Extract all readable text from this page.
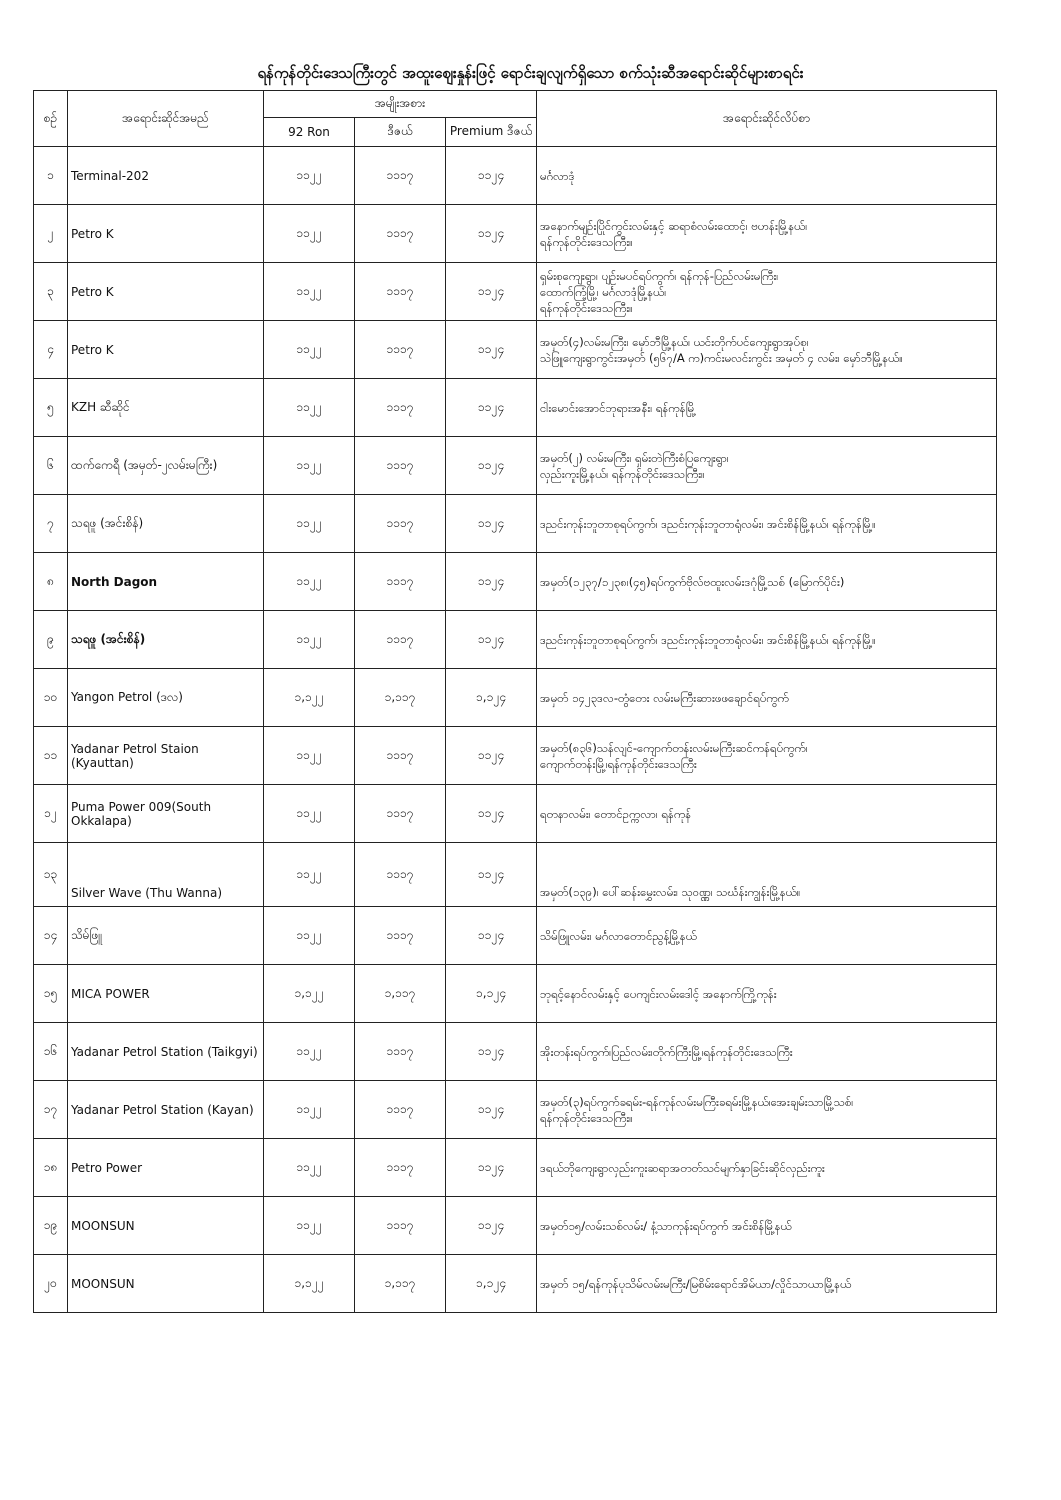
ရန်ကုန်တိုင်းဒေသကြီးတွင် အထူးဈေးနှုန်းဖြင့် ရောင်းချလျက်ရှိသော စက်သုံးဆီအရောင်းဆိုင်များစာရင်း
စဉ်	အရောင်းဆိုင်အမည်	အမျိုးအစား			အရောင်းဆိုင်လိပ်စာ
		92 Ron	ဒီဇယ်	Premium ဒီဇယ်	
၁	Terminal-202	၁၁၂၂	၁၁၁၇	၁၁၂၄	မင်္ဂလာဒုံ
၂	Petro K	၁၁၂၂	၁၁၁၇	၁၁၂၄	အနောက်မျဉ်းပြိုင်ကွင်းလမ်းနှင့် ဆရာစံလမ်းထောင့်၊ ဗဟန်းမြို့နယ်၊
ရန်ကုန်တိုင်းဒေသကြီး။
၃	Petro K	၁၁၂၂	၁၁၁၇	၁၁၂၄	ရှမ်းစုကျေးရွာ၊ ပျဉ်းမပင်ရပ်ကွက်၊ ရန်ကုန်-ပြည်လမ်းမကြီး၊
ထောက်ကြံ့မြို့၊ မင်္ဂလာဒုံမြို့နယ်၊
ရန်ကုန်တိုင်းဒေသကြီး။
၄	Petro K	၁၁၂၂	၁၁၁၇	၁၁၂၄	အမှတ်(၄)လမ်းမကြီး၊ မှော်ဘီမြို့နယ်၊ ယင်းတိုက်ပင်ကျေးရွာအုပ်စု၊
သဲဖြူကျေးရွာကွင်းအမှတ် (၅၆၇/A က)ကင်းမလင်းကွင်း အမှတ် ၄ လမ်း၊ မှော်ဘီမြို့နယ်။
၅	KZH ဆီဆိုင်	၁၁၂၂	၁၁၁၇	၁၁၂၄	ငါးမောင်းအောင်ဘုရားအနီး၊ ရန်ကုန်မြို့
၆	ထက်ကေရီ (အမှတ်-၂လမ်းမကြီး)	၁၁၂၂	၁၁၁၇	၁၁၂၄	အမှတ်(၂) လမ်းမကြီး၊ ရှမ်းတဲကြီးစံပြကျေးရွာ၊
လှည်းကူးမြို့နယ်၊ ရန်ကုန်တိုင်းဒေသကြီး။
၇	သရဖူ (အင်းစိန်)	၁၁၂၂	၁၁၁၇	၁၁၂၄	ဒညင်းကုန်းဘူတာစုရပ်ကွက်၊ ဒညင်းကုန်းဘူတာရုံလမ်း၊ အင်းစိန်မြို့နယ်၊ ရန်ကုန်မြို့။
၈	North Dagon	၁၁၂၂	၁၁၁၇	၁၁၂၄	အမှတ်(၁၂၃၇/၁၂၃၈၊(၄၅)ရပ်ကွက်ဗိုလ်ဗထူးလမ်းဒဂုံမြို့သစ် (မြောက်ပိုင်း)
၉	သရဖူ (အင်းစိန်)	၁၁၂၂	၁၁၁၇	၁၁၂၄	ဒညင်းကုန်းဘူတာစုရပ်ကွက်၊ ဒညင်းကုန်းဘူတာရုံလမ်း၊ အင်းစိန်မြို့နယ်၊ ရန်ကုန်မြို့။
၁၀	Yangon Petrol (ဒလ)	၁,၁၂၂	၁,၁၁၇	၁,၁၂၄	အမှတ် ၁၄၂၃ဒလ-တွံတေး လမ်းမကြီးဆားဖဖချောင်ရပ်ကွက်
၁၁	Yadanar Petrol Staion (Kyauttan)	၁၁၂၂	၁၁၁၇	၁၁၂၄	အမှတ်(၈၃၆)သန်လျင်-ကျောက်တန်းလမ်းမကြီးဆင်ကန်ရပ်ကွက်၊
ကျောက်တန်းမြို့၊ရန်ကုန်တိုင်းဒေသကြီး
၁၂	Puma Power 009(South Okkalapa)	၁၁၂၂	၁၁၁၇	၁၁၂၄	ရတနာလမ်း၊ တောင်ဥက္ကလာ၊ ရန်ကုန်
၁၃	Silver Wave (Thu Wanna)	၁၁၂၂	၁၁၁၇	၁၁၂၄	အမှတ်(၁၃၉)၊ ပေါ်ဆန်းမွှေးလမ်း၊ သုဝဏ္ဏ၊ သင်္ဃန်းကျွန်းမြို့နယ်။
၁၄	သိမ်ဖြူ	၁၁၂၂	၁၁၁၇	၁၁၂၄	သိမ်ဖြူလမ်း၊ မင်္ဂလာတောင်ညွန့်မြို့နယ်
၁၅	MICA POWER	၁,၁၂၂	၁,၁၁၇	၁,၁၂၄	ဘုရင့်နောင်လမ်းနှင့် ပေကျင်းလမ်းဒေါင့် အနောက်ကြို့ကုန်း
၁၆	Yadanar Petrol Station (Taikgyi)	၁၁၂၂	၁၁၁၇	၁၁၂၄	အိုးတန်းရပ်ကွက်၊ပြည်လမ်း၊တိုက်ကြီးမြို့၊ရန်ကုန်တိုင်းဒေသကြီး
၁၇	Yadanar Petrol Station (Kayan)	၁၁၂၂	၁၁၁၇	၁၁၂၄	အမှတ်(၃)ရပ်ကွက်ခရမ်း-ရန်ကုန်လမ်းမကြီးခရမ်းမြို့နယ်၊အေးချမ်းသာမြို့သစ်၊
ရန်ကုန်တိုင်းဒေသကြီး။
၁၈	Petro Power	၁၁၂၂	၁၁၁၇	၁၁၂၄	ဒရယ်ဘိုကျေးရွာလှည်းကူးဆရာအတတ်သင်မျက်နှာခြင်းဆိုင်လှည်းကူး
၁၉	MOONSUN	၁၁၂၂	၁၁၁၇	၁၁၂၄	အမှတ်၁၅/လမ်းသစ်လမ်း/ နံ့သာကုန်းရပ်ကွက် အင်းစိန်မြို့နယ်
၂၀	MOONSUN	၁,၁၂၂	၁,၁၁၇	၁,၁၂၄	အမှတ် ၁၅/ရန်ကုန်ပုသိမ်လမ်းမကြီး/မြစိမ်းရောင်အိမ်ယာ/လှိုင်သာယာမြို့နယ်
